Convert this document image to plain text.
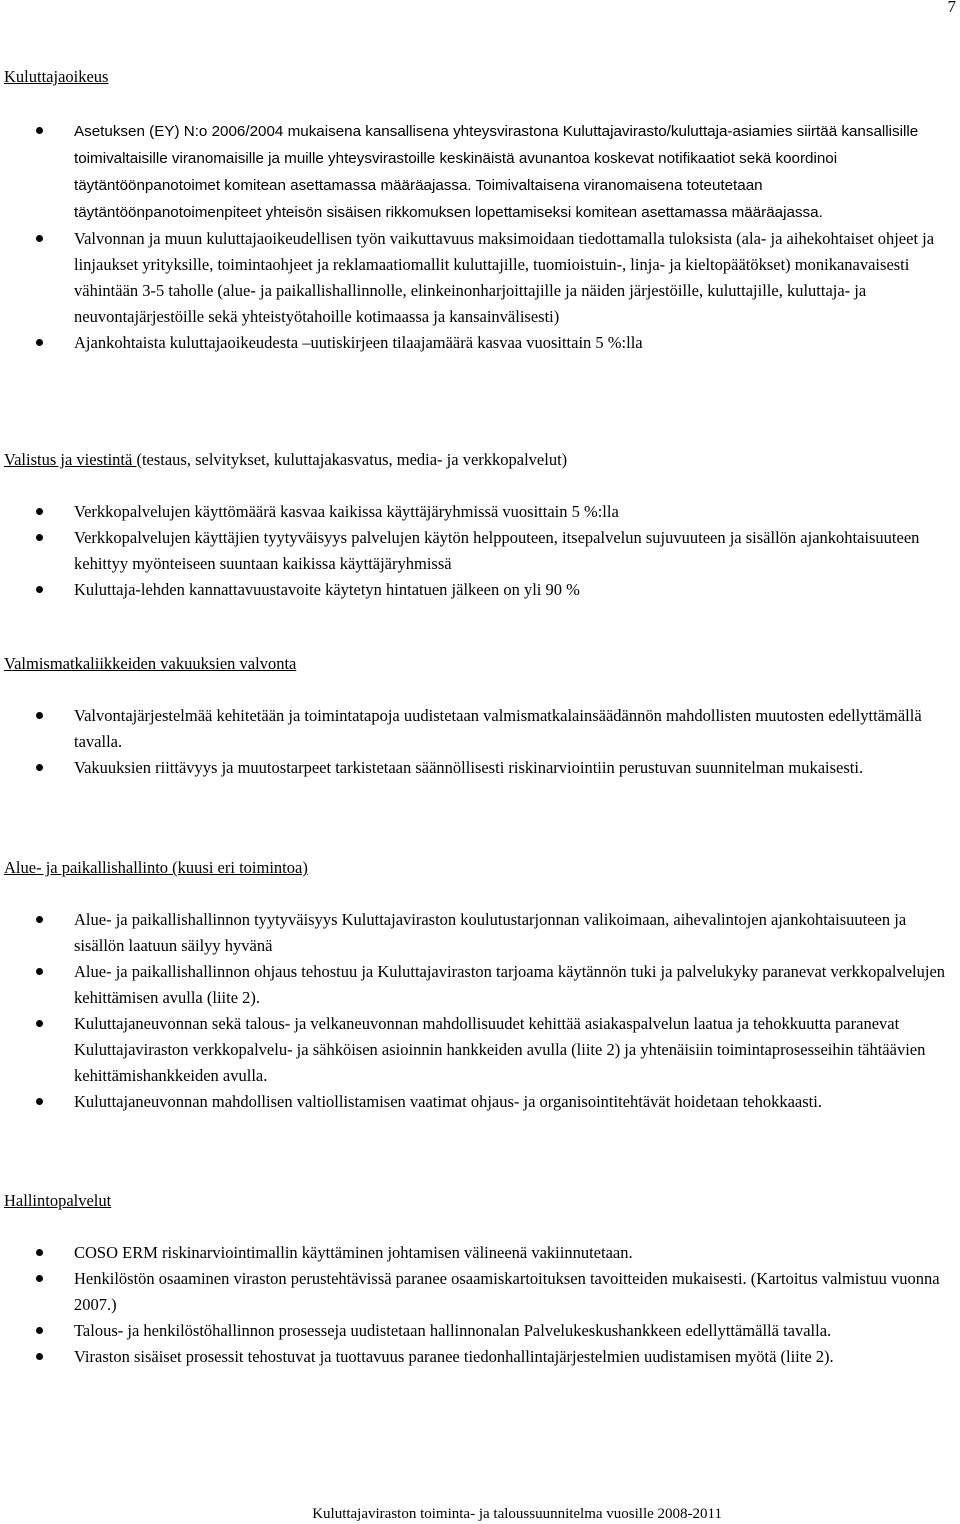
7

Kuluttajaoikeus

Asetuksen (EY) N:o 2006/2004 mukaisena kansallisena yhteysvirastona Kuluttajavirasto/kuluttaja-asiamies siirtää kansallisille toimivaltaisille viranomaisille ja muille yhteysvirastoille keskinäistä avunantoa koskevat notifikaatiot sekä koordinoi täytäntöönpanotoimet komitean asettamassa määräajassa. Toimivaltaisena viranomaisena toteutetaan täytäntöönpanotoimenpiteet yhteisön sisäisen rikkomuksen lopettamiseksi komitean asettamassa määräajassa.
Valvonnan ja muun kuluttajaoikeudellisen työn vaikuttavuus maksimoidaan tiedottamalla tuloksista (ala- ja aihekohtaiset ohjeet ja linjaukset yrityksille, toimintaohjeet ja reklamaatiomallit kuluttajille, tuomioistuin-, linja- ja kieltopäätökset) monikanavaisesti vähintään 3-5 taholle (alue- ja paikallishallinnolle, elinkeinonharjoittajille ja näiden järjestöille, kuluttajille, kuluttaja- ja neuvontajärjestöille sekä yhteistyötahoille kotimaassa ja kansainvälisesti)
Ajankohtaista kuluttajaoikeudesta –uutiskirjeen tilaajamäärä kasvaa vuosittain 5 %:lla

Valistus ja viestintä (testaus, selvitykset, kuluttajakasvatus, media- ja verkkopalvelut)

Verkkopalvelujen käyttömäärä kasvaa kaikissa käyttäjäryhmissä vuosittain 5 %:lla
Verkkopalvelujen käyttäjien tyytyväisyys palvelujen käytön helppouteen, itsepalvelun sujuvuuteen ja sisällön ajankohtaisuuteen kehittyy myönteiseen suuntaan kaikissa käyttäjäryhmissä
Kuluttaja-lehden kannattavuustavoite käytetyn hintatuen jälkeen on yli 90 %

Valmismatkaliikkeiden vakuuksien valvonta

Valvontajärjestelmää kehitetään ja toimintatapoja uudistetaan valmismatkalainsäädännön mahdollisten muutosten edellyttämällä tavalla.
Vakuuksien riittävyys ja muutostarpeet tarkistetaan säännöllisesti riskinarviointiin perustuvan suunnitelman mukaisesti.

Alue- ja paikallishallinto (kuusi eri toimintoa)

Alue- ja paikallishallinnon tyytyväisyys Kuluttajaviraston koulutustarjonnan valikoimaan, aihevalintojen ajankohtaisuuteen ja sisällön laatuun säilyy hyvänä
Alue- ja paikallishallinnon ohjaus tehostuu ja Kuluttajaviraston tarjoama käytännön tuki ja palvelukyky paranevat verkkopalvelujen kehittämisen avulla (liite 2).
Kuluttajaneuvonnan sekä talous- ja velkaneuvonnan mahdollisuudet kehittää asiakaspalvelun laatua ja tehokkuutta paranevat Kuluttajaviraston verkkopalvelu- ja sähköisen asioinnin hankkeiden avulla (liite 2) ja yhtenäisiin toimintaprosesseihin tähtäävien kehittämishankkeiden avulla.
Kuluttajaneuvonnan mahdollisen valtiollistamisen vaatimat ohjaus- ja organisointitehtävät hoidetaan tehokkaasti.

Hallintopalvelut

COSO ERM riskinarviointimallin käyttäminen johtamisen välineenä vakiinnutetaan.
Henkilöstön osaaminen viraston perustehtävissä paranee osaamiskartoituksen tavoitteiden mukaisesti. (Kartoitus valmistuu vuonna 2007.)
Talous- ja henkilöstöhallinnon prosesseja uudistetaan hallinnonalan Palvelukeskushankkeen edellyttämällä tavalla.
Viraston sisäiset prosessit tehostuvat ja tuottavuus paranee tiedonhallintajärjestelmien uudistamisen myötä (liite 2).
Kuluttajaviraston toiminta- ja taloussuunnitelma vuosille 2008-2011
